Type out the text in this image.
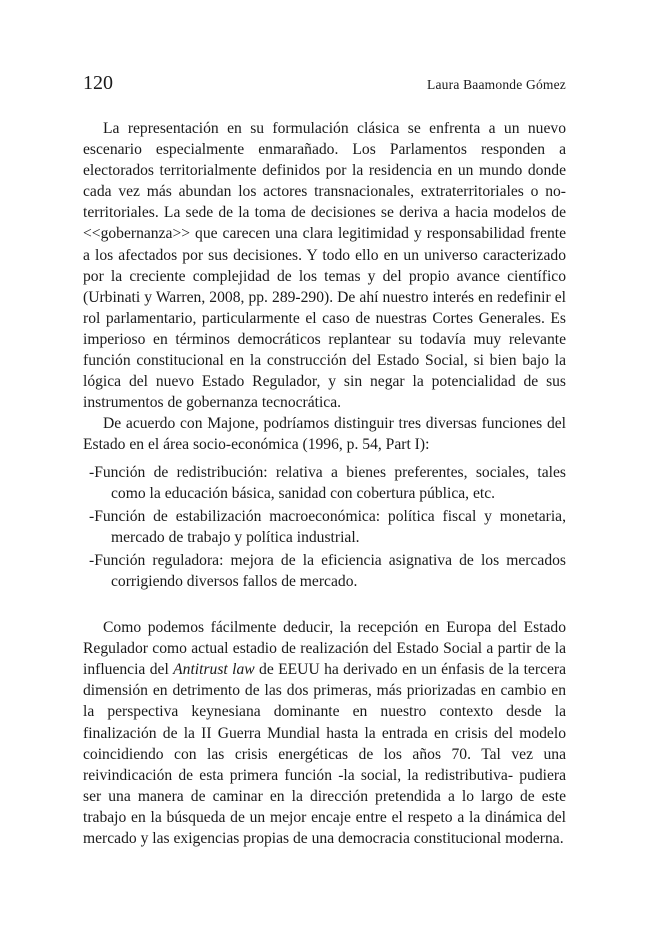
120	Laura Baamonde Gómez

La representación en su formulación clásica se enfrenta a un nuevo escenario especialmente enmarañado. Los Parlamentos responden a electorados territorialmente definidos por la residencia en un mundo donde cada vez más abundan los actores transnacionales, extraterritoriales o no-territoriales. La sede de la toma de decisiones se deriva a hacia modelos de <<gobernanza>> que carecen una clara legitimidad y responsabilidad frente a los afectados por sus decisiones. Y todo ello en un universo caracterizado por la creciente complejidad de los temas y del propio avance científico (Urbinati y Warren, 2008, pp. 289-290). De ahí nuestro interés en redefinir el rol parlamentario, particularmente el caso de nuestras Cortes Generales. Es imperioso en términos democráticos replantear su todavía muy relevante función constitucional en la construcción del Estado Social, si bien bajo la lógica del nuevo Estado Regulador, y sin negar la potencialidad de sus instrumentos de gobernanza tecnocrática.

De acuerdo con Majone, podríamos distinguir tres diversas funciones del Estado en el área socio-económica (1996, p. 54, Part I):

-Función de redistribución: relativa a bienes preferentes, sociales, tales como la educación básica, sanidad con cobertura pública, etc.
-Función de estabilización macroeconómica: política fiscal y monetaria, mercado de trabajo y política industrial.
-Función reguladora: mejora de la eficiencia asignativa de los mercados corrigiendo diversos fallos de mercado.

Como podemos fácilmente deducir, la recepción en Europa del Estado Regulador como actual estadio de realización del Estado Social a partir de la influencia del Antitrust law de EEUU ha derivado en un énfasis de la tercera dimensión en detrimento de las dos primeras, más priorizadas en cambio en la perspectiva keynesiana dominante en nuestro contexto desde la finalización de la II Guerra Mundial hasta la entrada en crisis del modelo coincidiendo con las crisis energéticas de los años 70. Tal vez una reivindicación de esta primera función -la social, la redistributiva- pudiera ser una manera de caminar en la dirección pretendida a lo largo de este trabajo en la búsqueda de un mejor encaje entre el respeto a la dinámica del mercado y las exigencias propias de una democracia constitucional moderna.
